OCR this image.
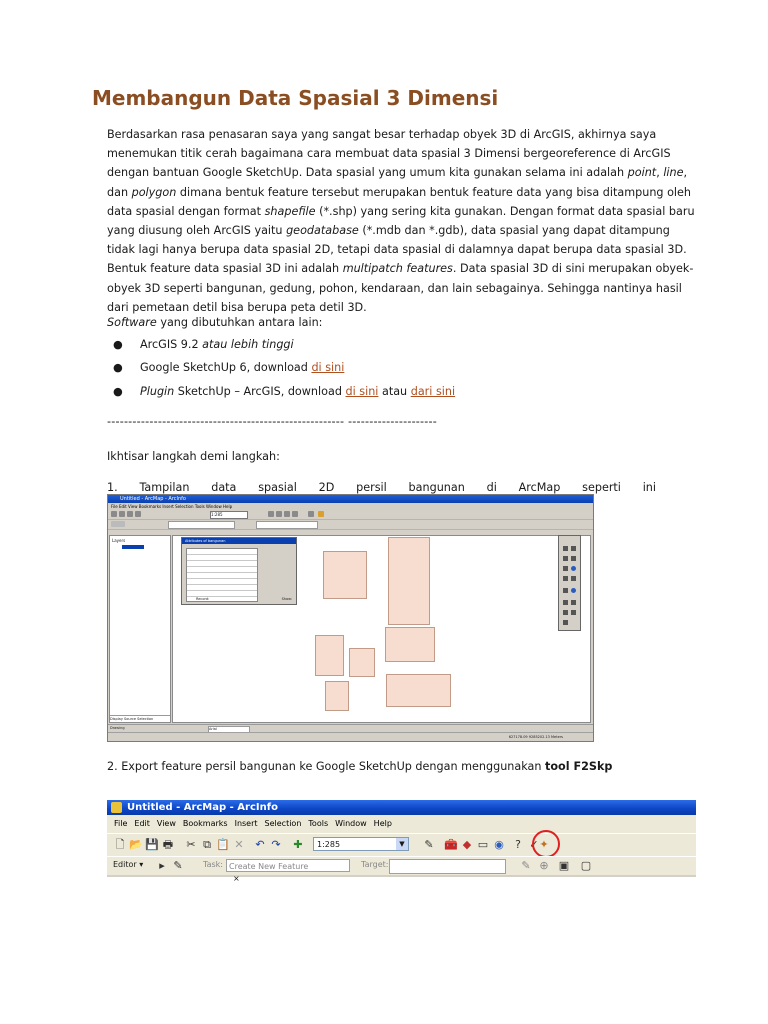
Membangun Data Spasial 3 Dimensi
Berdasarkan rasa penasaran saya yang sangat besar terhadap obyek 3D di ArcGIS, akhirnya saya
menemukan titik cerah bagaimana cara membuat data spasial 3 Dimensi bergeoreference di ArcGIS
dengan bantuan Google SketchUp. Data spasial yang umum kita gunakan selama ini adalah point, line,
dan polygon dimana bentuk feature tersebut merupakan bentuk feature data yang bisa ditampung oleh
data spasial dengan format shapefile (*.shp) yang sering kita gunakan. Dengan format data spasial baru
yang diusung oleh ArcGIS yaitu geodatabase (*.mdb dan *.gdb), data spasial yang dapat ditampung
tidak lagi hanya berupa data spasial 2D, tetapi data spasial di dalamnya dapat berupa data spasial 3D.
Bentuk feature data spasial 3D ini adalah multipatch features. Data spasial 3D di sini merupakan obyek-
obyek 3D seperti bangunan, gedung, pohon, kendaraan, dan lain sebagainya. Sehingga nantinya hasil
dari pemetaan detil bisa berupa peta detil 3D.
Software yang dibutuhkan antara lain:
● ArcGIS 9.2 atau lebih tinggi
● Google SketchUp 6, download di sini
● Plugin SketchUp – ArcGIS, download di sini atau dari sini
-------------------------------------------------------- ---------------------
Ikhtisar langkah demi langkah:
1. Tampilan data spasial 2D persil bangunan di ArcMap seperti ini
Untitled - ArcMap - ArcInfo
File Edit View Bookmarks Insert Selection Tools Window Help
1:285
Layers
Display Source Selection
Attributes of bangunan
Record:	Show:
Drawing	Arial
627178.09 9285202.13 Meters
2. Export feature persil bangunan ke Google SketchUp dengan menggunakan tool F2Skp
Untitled - ArcMap - ArcInfo
File Edit View Bookmarks Insert Selection Tools Window Help
🗋 📂 💾 🖶 ✂ ⧉ 📋 ✕ ↶ ↷ ✚	1:285	▼	✎ 🧰 ◆ ▭ ◉	? ✓ ✦
Editor ▾	▸ ✎	Task: Create New Feature	Target:	✎ ⊕ ▣ ▢
×
